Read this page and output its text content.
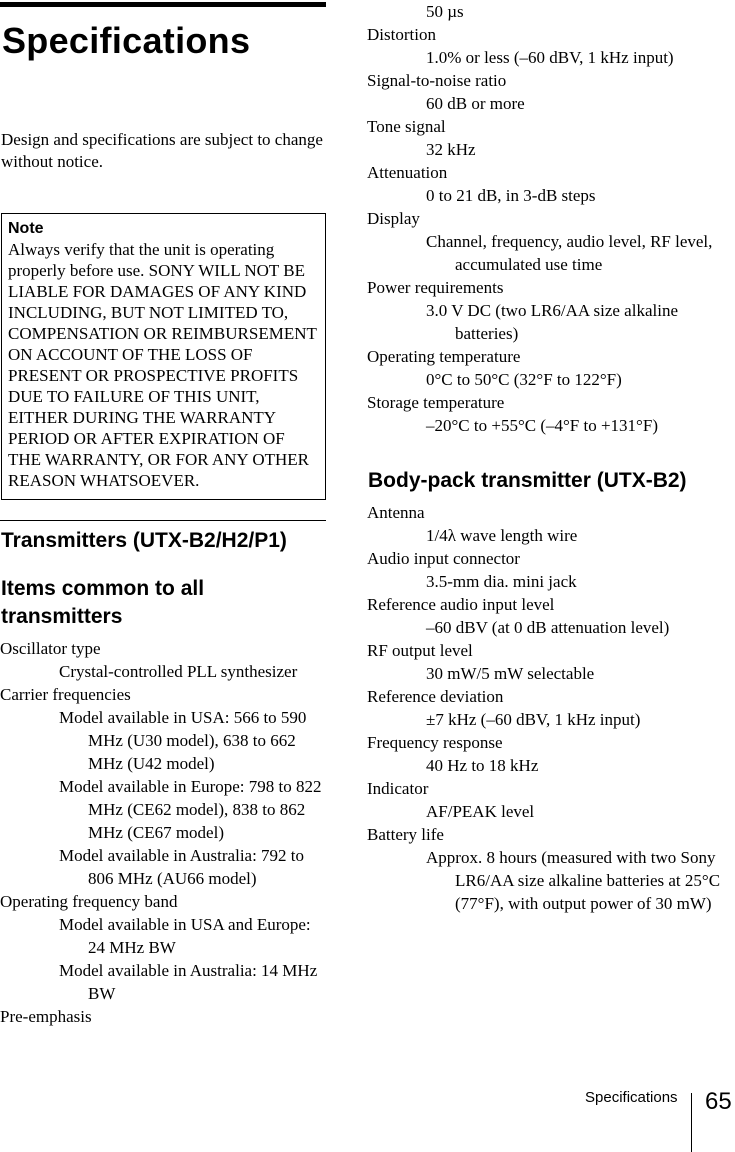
Specifications
Design and specifications are subject to change without notice.
Note
Always verify that the unit is operating properly before use. SONY WILL NOT BE LIABLE FOR DAMAGES OF ANY KIND INCLUDING, BUT NOT LIMITED TO, COMPENSATION OR REIMBURSEMENT ON ACCOUNT OF THE LOSS OF PRESENT OR PROSPECTIVE PROFITS DUE TO FAILURE OF THIS UNIT, EITHER DURING THE WARRANTY PERIOD OR AFTER EXPIRATION OF THE WARRANTY, OR FOR ANY OTHER REASON WHATSOEVER.
Transmitters (UTX-B2/H2/P1)
Items common to all transmitters
Oscillator type
Crystal-controlled PLL synthesizer
Carrier frequencies
Model available in USA: 566 to 590 MHz (U30 model), 638 to 662 MHz (U42 model)
Model available in Europe: 798 to 822 MHz (CE62 model), 838 to 862 MHz (CE67 model)
Model available in Australia: 792 to 806 MHz (AU66 model)
Operating frequency band
Model available in USA and Europe: 24 MHz BW
Model available in Australia: 14 MHz BW
Pre-emphasis
50 µs
Distortion
1.0% or less (–60 dBV, 1 kHz input)
Signal-to-noise ratio
60 dB or more
Tone signal
32 kHz
Attenuation
0 to 21 dB, in 3-dB steps
Display
Channel, frequency, audio level, RF level, accumulated use time
Power requirements
3.0 V DC (two LR6/AA size alkaline batteries)
Operating temperature
0°C to 50°C (32°F to 122°F)
Storage temperature
–20°C to +55°C (–4°F to +131°F)
Body-pack transmitter (UTX-B2)
Antenna
1/4λ wave length wire
Audio input connector
3.5-mm dia. mini jack
Reference audio input level
–60 dBV (at 0 dB attenuation level)
RF output level
30 mW/5 mW selectable
Reference deviation
±7 kHz (–60 dBV, 1 kHz input)
Frequency response
40 Hz to 18 kHz
Indicator
AF/PEAK level
Battery life
Approx. 8 hours (measured with two Sony LR6/AA size alkaline batteries at 25°C (77°F), with output power of 30 mW)
Specifications 65
